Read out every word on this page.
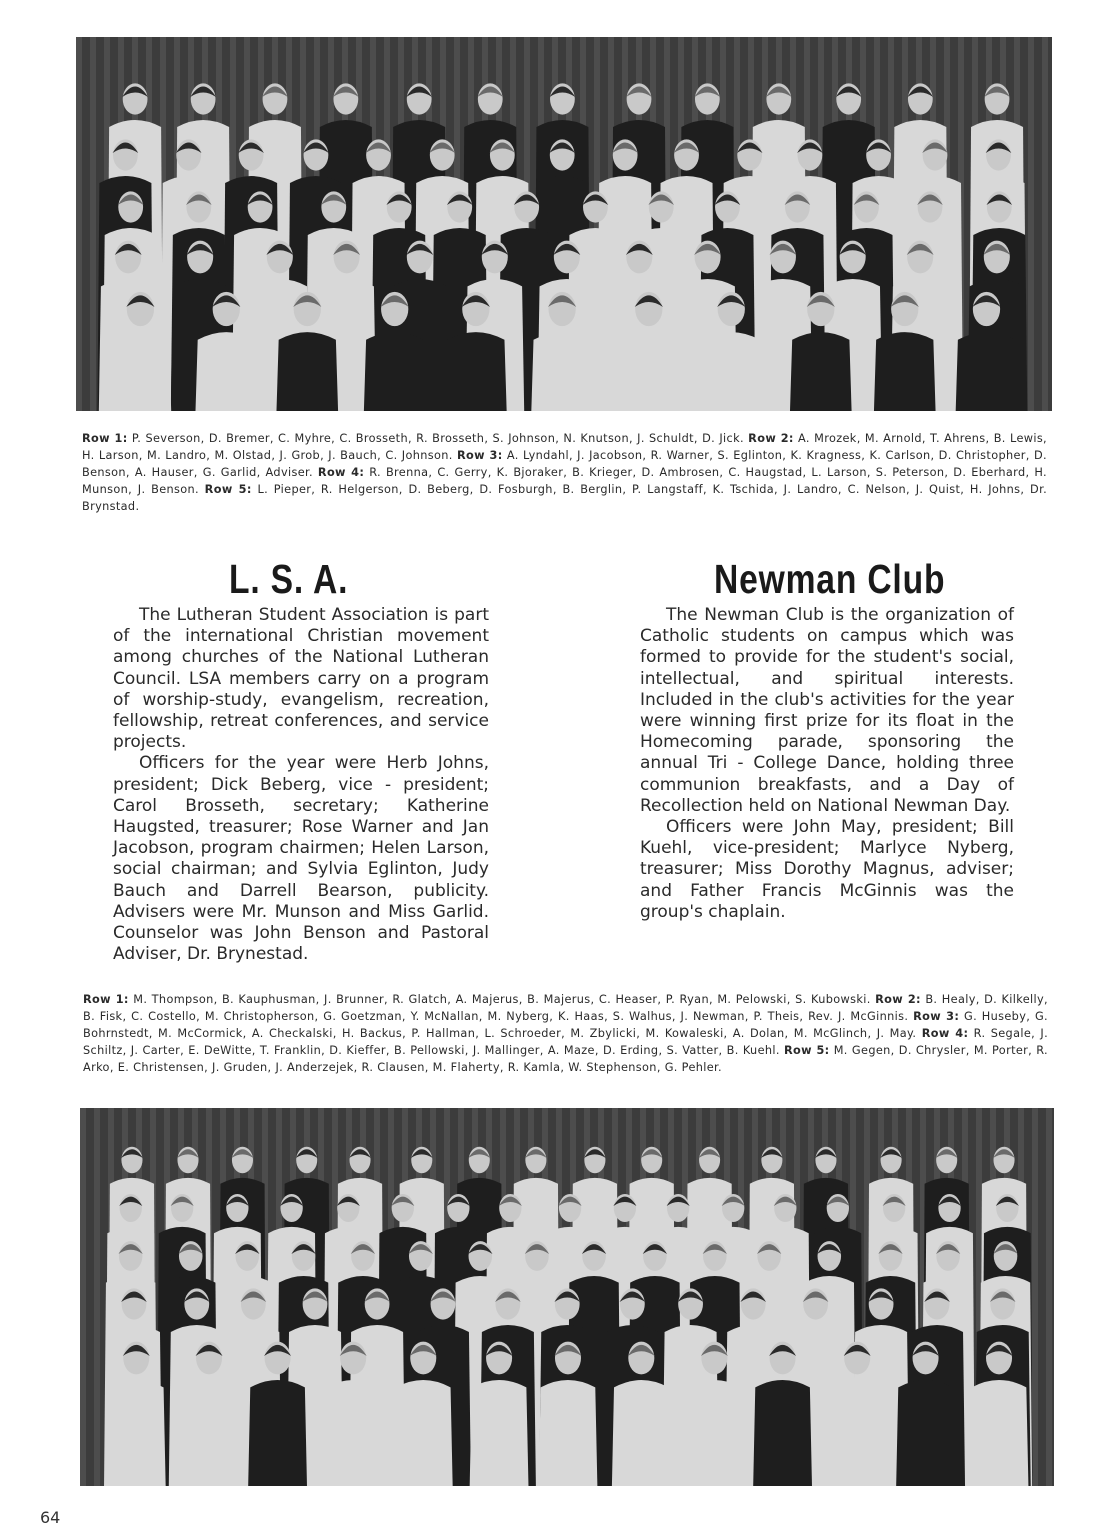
Row 1: P. Severson, D. Bremer, C. Myhre, C. Brosseth, R. Brosseth, S. Johnson, N. Knutson, J. Schuldt, D. Jick. Row 2: A. Mrozek, M. Arnold, T. Ahrens, B. Lewis, H. Larson, M. Landro, M. Olstad, J. Grob, J. Bauch, C. Johnson. Row 3: A. Lyndahl, J. Jacobson, R. Warner, S. Eglinton, K. Kragness, K. Carlson, D. Christopher, D. Benson, A. Hauser, G. Garlid, Adviser. Row 4: R. Brenna, C. Gerry, K. Bjoraker, B. Krieger, D. Ambrosen, C. Haugstad, L. Larson, S. Peterson, D. Eberhard, H. Munson, J. Benson. Row 5: L. Pieper, R. Helgerson, D. Beberg, D. Fosburgh, B. Berglin, P. Langstaff, K. Tschida, J. Landro, C. Nelson, J. Quist, H. Johns, Dr. Brynstad.
L. S. A.	Newman Club

The Lutheran Student Association is part of the international Christian movement among churches of the National Lutheran Council. LSA members carry on a program of worship-study, evangelism, recreation, fellowship, retreat conferences, and service projects.

Officers for the year were Herb Johns, president; Dick Beberg, vice - president; Carol Brosseth, secretary; Katherine Haugsted, treasurer; Rose Warner and Jan Jacobson, program chairmen; Helen Larson, social chairman; and Sylvia Eglinton, Judy Bauch and Darrell Bearson, publicity. Advisers were Mr. Munson and Miss Garlid. Counselor was John Benson and Pastoral Adviser, Dr. Brynestad.

The Newman Club is the organization of Catholic students on campus which was formed to provide for the student's social, intellectual, and spiritual interests. Included in the club's activities for the year were winning first prize for its float in the Homecoming parade, sponsoring the annual Tri - College Dance, holding three communion breakfasts, and a Day of Recollection held on National Newman Day.

Officers were John May, president; Bill Kuehl, vice-president; Marlyce Nyberg, treasurer; Miss Dorothy Magnus, adviser; and Father Francis McGinnis was the group's chaplain.

Row 1: M. Thompson, B. Kauphusman, J. Brunner, R. Glatch, A. Majerus, B. Majerus, C. Heaser, P. Ryan, M. Pelowski, S. Kubowski. Row 2: B. Healy, D. Kilkelly, B. Fisk, C. Costello, M. Christopherson, G. Goetzman, Y. McNallan, M. Nyberg, K. Haas, S. Walhus, J. Newman, P. Theis, Rev. J. McGinnis. Row 3: G. Huseby, G. Bohrnstedt, M. McCormick, A. Checkalski, H. Backus, P. Hallman, L. Schroeder, M. Zbylicki, M. Kowaleski, A. Dolan, M. McGlinch, J. May. Row 4: R. Segale, J. Schiltz, J. Carter, E. DeWitte, T. Franklin, D. Kieffer, B. Pellowski, J. Mallinger, A. Maze, D. Erding, S. Vatter, B. Kuehl. Row 5: M. Gegen, D. Chrysler, M. Porter, R. Arko, E. Christensen, J. Gruden, J. Anderzejek, R. Clausen, M. Flaherty, R. Kamla, W. Stephenson, G. Pehler.
64
